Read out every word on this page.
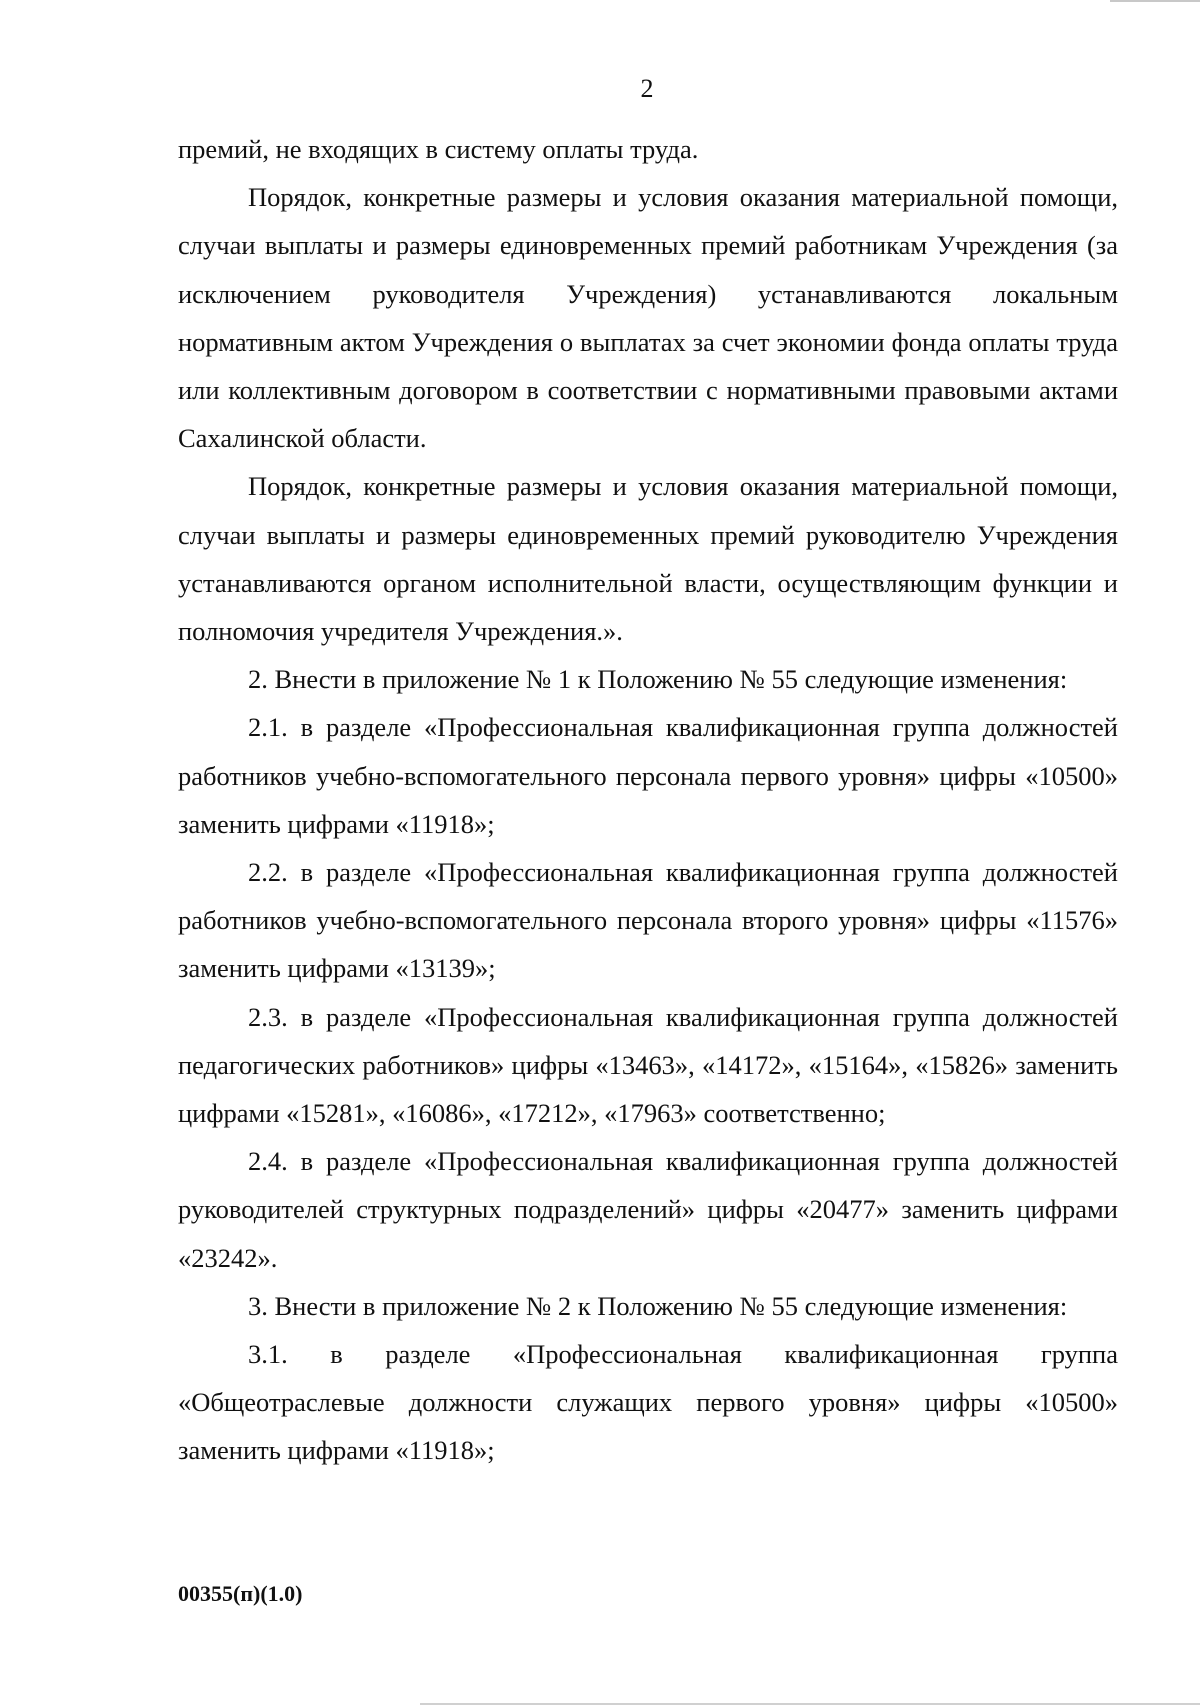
2

премий, не входящих в систему оплаты труда.

Порядок, конкретные размеры и условия оказания материальной помощи, случаи выплаты и размеры единовременных премий работникам Учреждения (за исключением руководителя Учреждения) устанавливаются локальным нормативным актом Учреждения о выплатах за счет экономии фонда оплаты труда или коллективным договором в соответствии с нормативными правовыми актами Сахалинской области.

Порядок, конкретные размеры и условия оказания материальной помощи, случаи выплаты и размеры единовременных премий руководителю Учреждения устанавливаются органом исполнительной власти, осуществляющим функции и полномочия учредителя Учреждения.».

2. Внести в приложение № 1 к Положению № 55 следующие изменения:

2.1. в разделе «Профессиональная квалификационная группа должностей работников учебно-вспомогательного персонала первого уровня» цифры «10500» заменить цифрами «11918»;

2.2. в разделе «Профессиональная квалификационная группа должностей работников учебно-вспомогательного персонала второго уровня» цифры «11576» заменить цифрами «13139»;

2.3. в разделе «Профессиональная квалификационная группа должностей педагогических работников» цифры «13463», «14172», «15164», «15826» заменить цифрами «15281», «16086», «17212», «17963» соответственно;

2.4. в разделе «Профессиональная квалификационная группа должностей руководителей структурных подразделений» цифры «20477» заменить цифрами «23242».

3. Внести в приложение № 2 к Положению № 55 следующие изменения:

3.1. в разделе «Профессиональная квалификационная группа «Общеотраслевые должности служащих первого уровня» цифры «10500» заменить цифрами «11918»;

00355(п)(1.0)
